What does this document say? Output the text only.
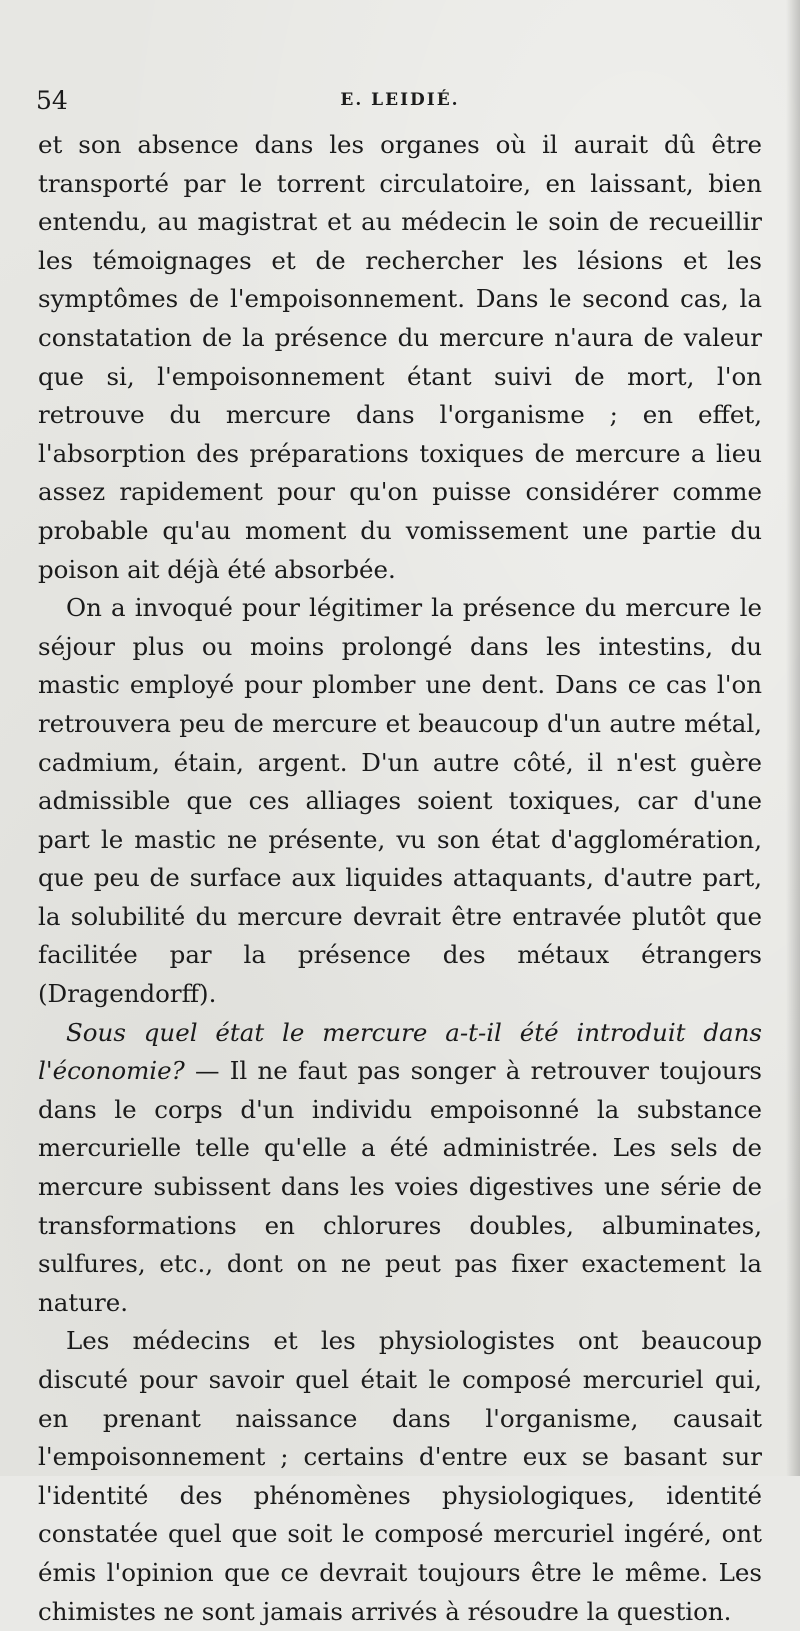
54	E. LEIDIÉ.

et son absence dans les organes où il aurait dû être transporté par le torrent circulatoire, en laissant, bien entendu, au magistrat et au médecin le soin de recueillir les témoignages et de rechercher les lésions et les symptômes de l'empoisonnement. Dans le second cas, la constatation de la présence du mercure n'aura de valeur que si, l'empoisonnement étant suivi de mort, l'on retrouve du mercure dans l'organisme ; en effet, l'absorption des préparations toxiques de mercure a lieu assez rapidement pour qu'on puisse considérer comme probable qu'au moment du vomissement une partie du poison ait déjà été absorbée.

On a invoqué pour légitimer la présence du mercure le séjour plus ou moins prolongé dans les intestins, du mastic employé pour plomber une dent. Dans ce cas l'on retrouvera peu de mercure et beaucoup d'un autre métal, cadmium, étain, argent. D'un autre côté, il n'est guère admissible que ces alliages soient toxiques, car d'une part le mastic ne présente, vu son état d'agglomération, que peu de surface aux liquides attaquants, d'autre part, la solubilité du mercure devrait être entravée plutôt que facilitée par la présence des métaux étrangers (Dragendorff).

Sous quel état le mercure a-t-il été introduit dans l'économie? — Il ne faut pas songer à retrouver toujours dans le corps d'un individu empoisonné la substance mercurielle telle qu'elle a été administrée. Les sels de mercure subissent dans les voies digestives une série de transformations en chlorures doubles, albuminates, sulfures, etc., dont on ne peut pas fixer exactement la nature.

Les médecins et les physiologistes ont beaucoup discuté pour savoir quel était le composé mercuriel qui, en prenant naissance dans l'organisme, causait l'empoisonnement ; certains d'entre eux se basant sur l'identité des phénomènes physiologiques, identité constatée quel que soit le composé mercuriel ingéré, ont émis l'opinion que ce devrait toujours être le même. Les chimistes ne sont jamais arrivés à résoudre la question.
